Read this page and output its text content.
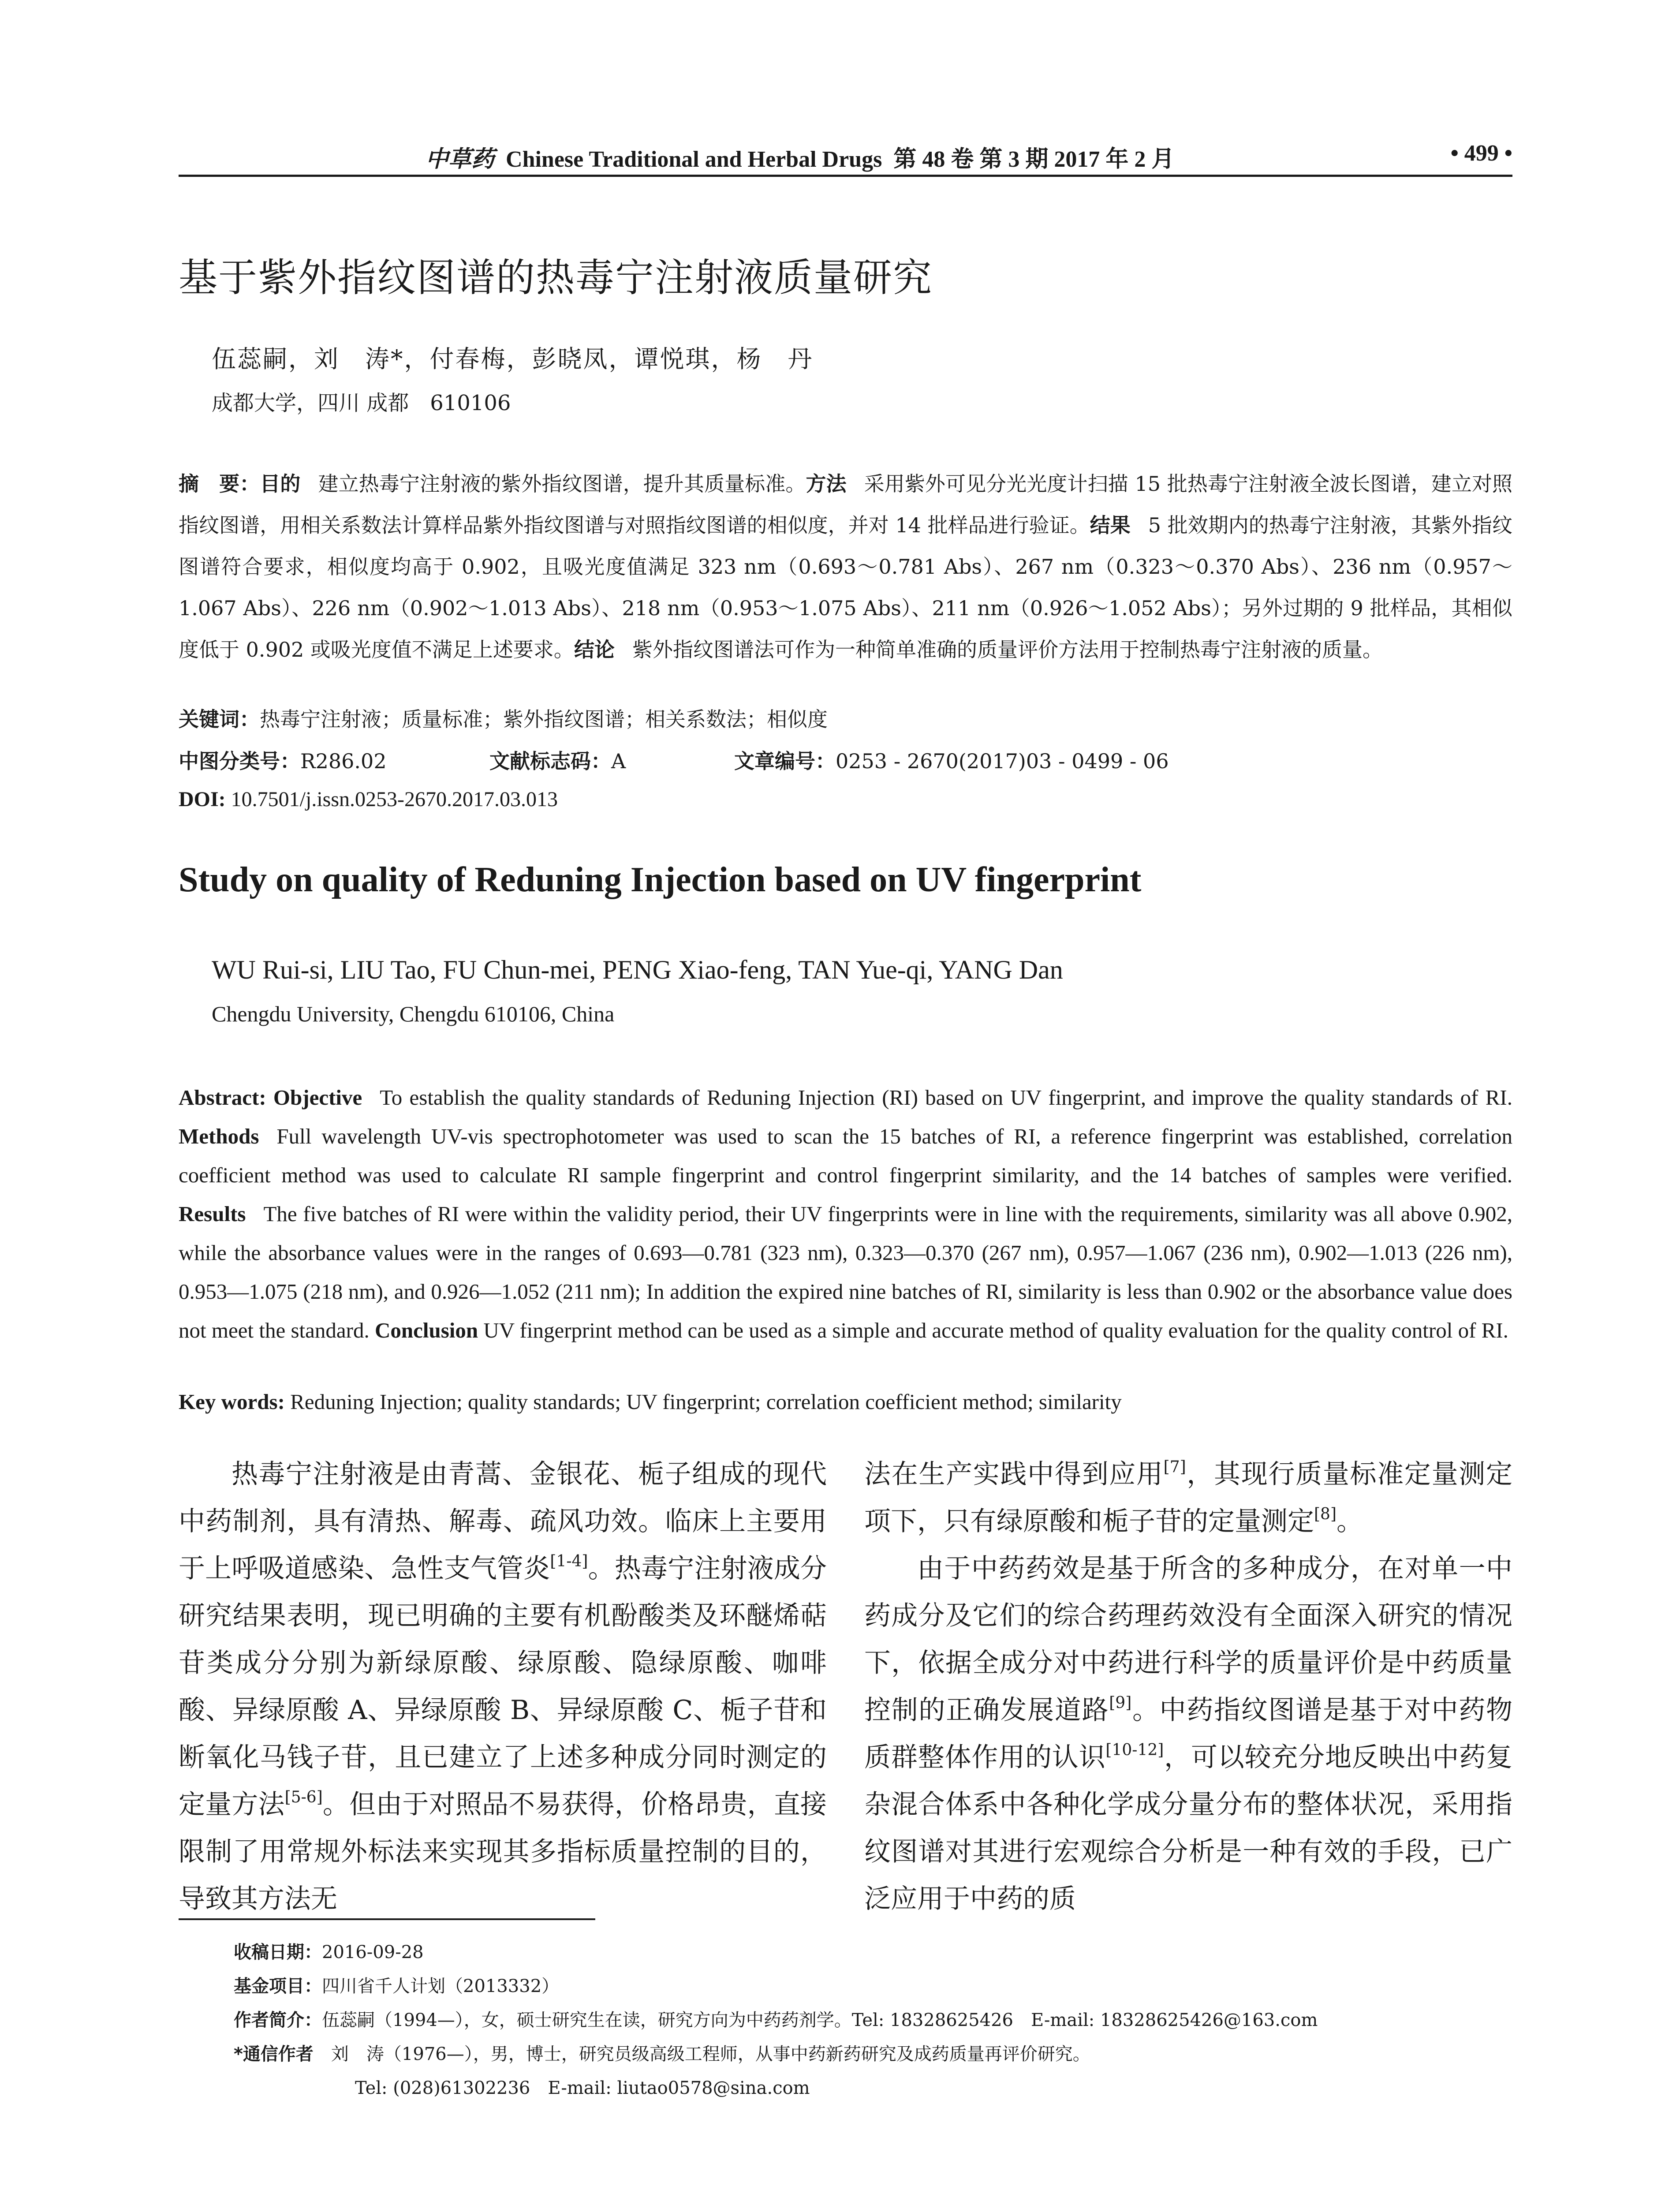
中草药 Chinese Traditional and Herbal Drugs 第 48 卷 第 3 期 2017 年 2 月	• 499 •
基于紫外指纹图谱的热毒宁注射液质量研究
伍蕊嗣，刘　涛*，付春梅，彭晓凤，谭悦琪，杨　丹
成都大学，四川 成都　610106
摘　要：目的 建立热毒宁注射液的紫外指纹图谱，提升其质量标准。方法 采用紫外可见分光光度计扫描 15 批热毒宁注射液全波长图谱，建立对照指纹图谱，用相关系数法计算样品紫外指纹图谱与对照指纹图谱的相似度，并对 14 批样品进行验证。结果 5 批效期内的热毒宁注射液，其紫外指纹图谱符合要求，相似度均高于 0.902，且吸光度值满足 323 nm（0.693～0.781 Abs）、267 nm（0.323～0.370 Abs）、236 nm（0.957～1.067 Abs）、226 nm（0.902～1.013 Abs）、218 nm（0.953～1.075 Abs）、211 nm（0.926～1.052 Abs）；另外过期的 9 批样品，其相似度低于 0.902 或吸光度值不满足上述要求。结论 紫外指纹图谱法可作为一种简单准确的质量评价方法用于控制热毒宁注射液的质量。
关键词：热毒宁注射液；质量标准；紫外指纹图谱；相关系数法；相似度
中图分类号：R286.02	文献标志码：A	文章编号：0253 - 2670(2017)03 - 0499 - 06
DOI: 10.7501/j.issn.0253-2670.2017.03.013
Study on quality of Reduning Injection based on UV fingerprint
WU Rui-si, LIU Tao, FU Chun-mei, PENG Xiao-feng, TAN Yue-qi, YANG Dan
Chengdu University, Chengdu 610106, China
Abstract: Objective To establish the quality standards of Reduning Injection (RI) based on UV fingerprint, and improve the quality standards of RI. Methods Full wavelength UV-vis spectrophotometer was used to scan the 15 batches of RI, a reference fingerprint was established, correlation coefficient method was used to calculate RI sample fingerprint and control fingerprint similarity, and the 14 batches of samples were verified. Results The five batches of RI were within the validity period, their UV fingerprints were in line with the requirements, similarity was all above 0.902, while the absorbance values were in the ranges of 0.693—0.781 (323 nm), 0.323—0.370 (267 nm), 0.957—1.067 (236 nm), 0.902—1.013 (226 nm), 0.953—1.075 (218 nm), and 0.926—1.052 (211 nm); In addition the expired nine batches of RI, similarity is less than 0.902 or the absorbance value does not meet the standard. Conclusion UV fingerprint method can be used as a simple and accurate method of quality evaluation for the quality control of RI.
Key words: Reduning Injection; quality standards; UV fingerprint; correlation coefficient method; similarity

热毒宁注射液是由青蒿、金银花、栀子组成的现代中药制剂，具有清热、解毒、疏风功效。临床上主要用于上呼吸道感染、急性支气管炎[1-4]。热毒宁注射液成分研究结果表明，现已明确的主要有机酚酸类及环醚烯萜苷类成分分别为新绿原酸、绿原酸、隐绿原酸、咖啡酸、异绿原酸 A、异绿原酸 B、异绿原酸 C、栀子苷和断氧化马钱子苷，且已建立了上述多种成分同时测定的定量方法[5-6]。但由于对照品不易获得，价格昂贵，直接限制了用常规外标法来实现其多指标质量控制的目的，导致其方法无

法在生产实践中得到应用[7]，其现行质量标准定量测定项下，只有绿原酸和栀子苷的定量测定[8]。

由于中药药效是基于所含的多种成分，在对单一中药成分及它们的综合药理药效没有全面深入研究的情况下，依据全成分对中药进行科学的质量评价是中药质量控制的正确发展道路[9]。中药指纹图谱是基于对中药物质群整体作用的认识[10-12]，可以较充分地反映出中药复杂混合体系中各种化学成分量分布的整体状况，采用指纹图谱对其进行宏观综合分析是一种有效的手段，已广泛应用于中药的质

收稿日期：2016-09-28
基金项目：四川省千人计划（2013332）
作者简介：伍蕊嗣（1994—），女，硕士研究生在读，研究方向为中药药剂学。Tel: 18328625426　E-mail: 18328625426@163.com
*通信作者　 刘　涛（1976—），男，博士，研究员级高级工程师，从事中药新药研究及成药质量再评价研究。
Tel: (028)61302236　E-mail: liutao0578@sina.com
